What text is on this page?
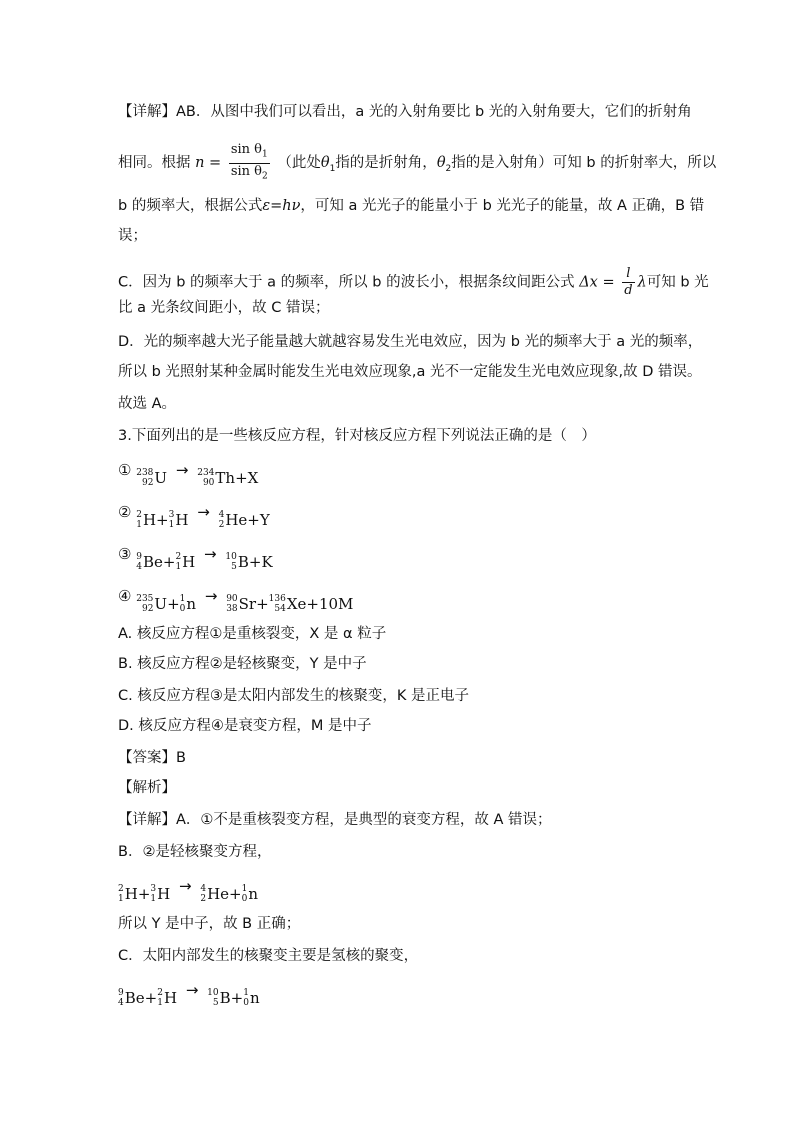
【详解】AB．从图中我们可以看出，a 光的入射角要比 b 光的入射角要大，它们的折射角
相同。根据 $n = \frac{\sin \theta_1}{\sin \theta_2}$ （此处$\theta_1$指的是折射角，$\theta_2$指的是入射角）可知 b 的折射率大，所以
b 的频率大，根据公式ε=hν，可知 a 光光子的能量小于 b 光光子的能量，故 A 正确，B 错
误；
C．因为 b 的频率大于 a 的频率，所以 b 的波长小，根据条纹间距公式 $\Delta x = \frac{l}{d}$ λ可知 b 光
比 a 光条纹间距小，故 C 错误；
D．光的频率越大光子能量越大就越容易发生光电效应，因为 b 光的频率大于 a 光的频率，
所以 b 光照射某种金属时能发生光电效应现象,a 光不一定能发生光电效应现象,故 D 错误。
故选 A。
3.下面列出的是一些核反应方程，针对核反应方程下列说法正确的是（　）
① 238
92 U → 234
90 Th+X
② 2
1 H+ 3
1 H → 4
2 He+Y
③ 9
4 Be+ 2
1 H → 10
5 B+K
④ 235
92 U+ 1
0 n → 90
38 Sr+ 136
54 Xe+10M
A. 核反应方程①是重核裂变，X 是 α 粒子
B. 核反应方程②是轻核聚变，Y 是中子
C. 核反应方程③是太阳内部发生的核聚变，K 是正电子
D. 核反应方程④是衰变方程，M 是中子
【答案】B
【解析】
【详解】A．①不是重核裂变方程，是典型的衰变方程，故 A 错误；
B．②是轻核聚变方程，
2
1 H+ 3
1 H → 4
2 He+ 1
0 n
所以 Y 是中子，故 B 正确；
C．太阳内部发生的核聚变主要是氢核的聚变，
9
4 Be+ 2
1 H → 10
5 B+ 1
0 n
